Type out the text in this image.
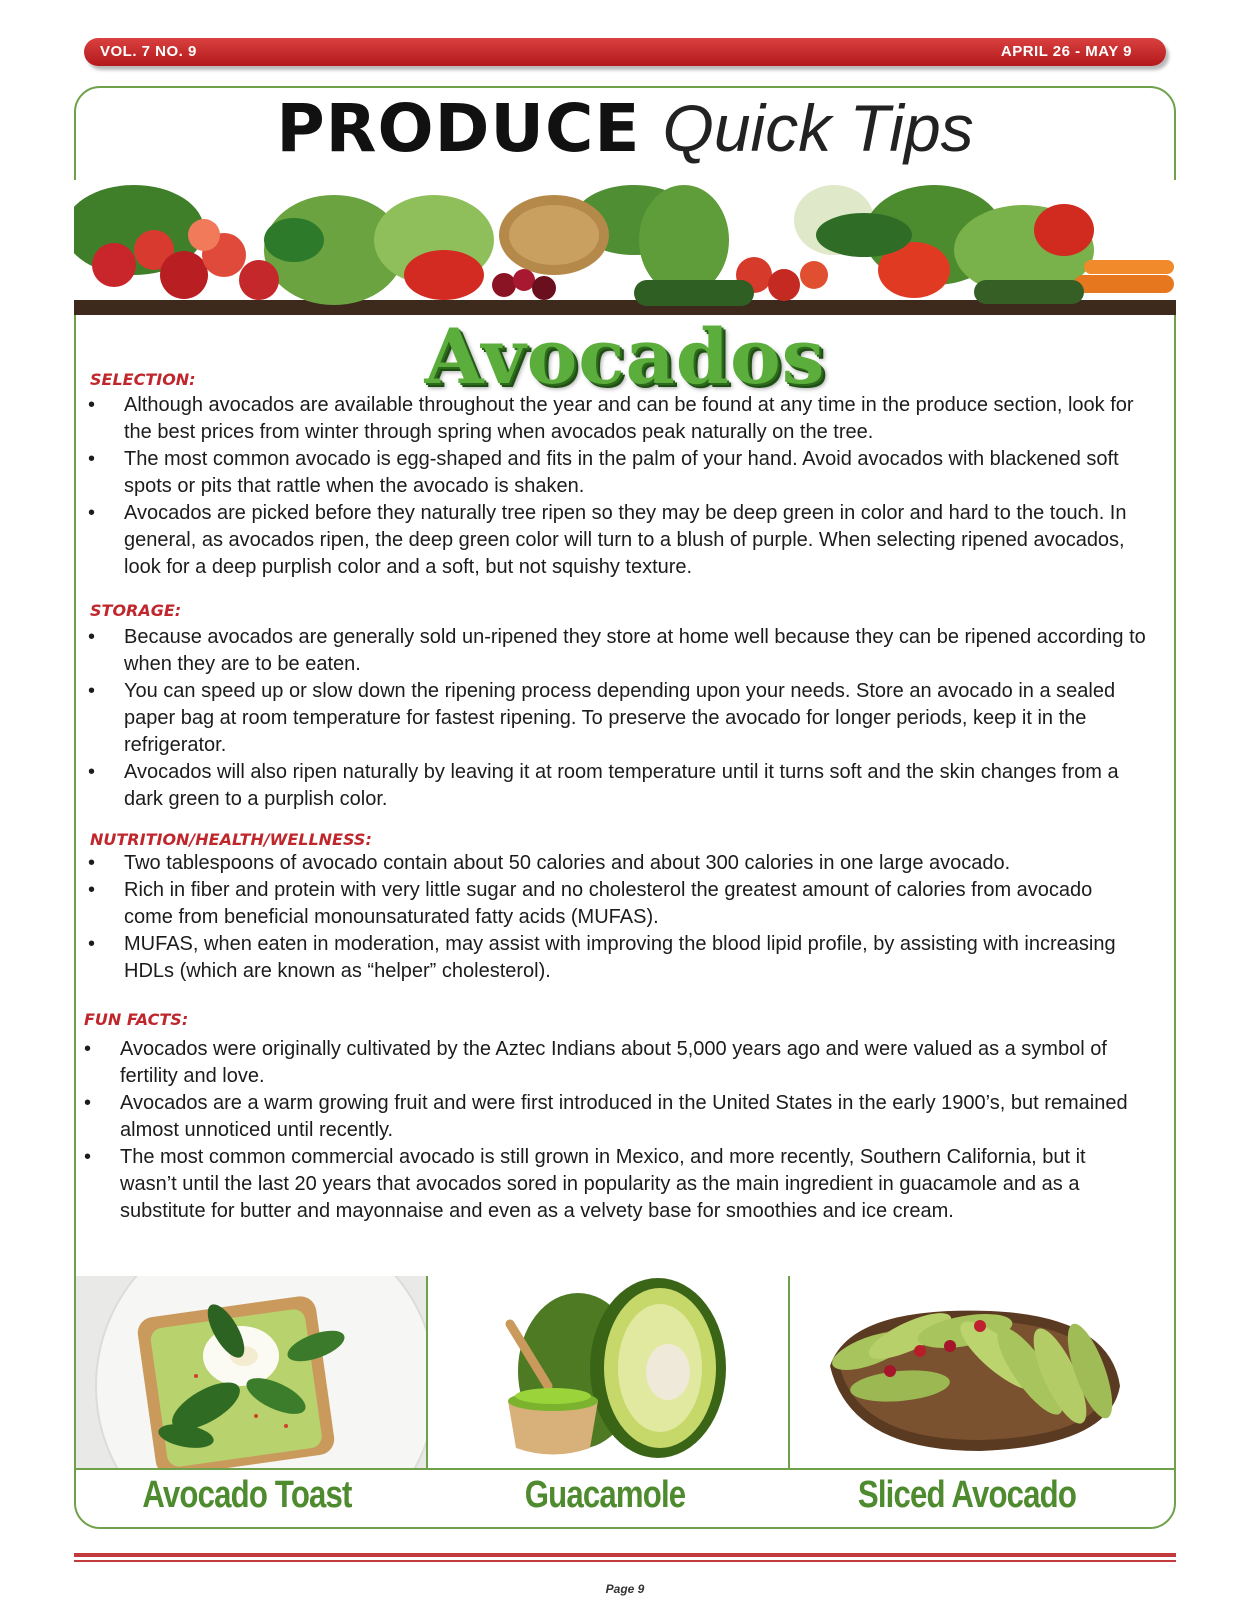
VOL. 7 NO. 9	APRIL 26 - MAY 9
PRODUCE Quick Tips
Avocados
SELECTION:
• Although avocados are available throughout the year and can be found at any time in the produce section, look for the best prices from winter through spring when avocados peak naturally on the tree.
• The most common avocado is egg-shaped and fits in the palm of your hand. Avoid avocados with blackened soft spots or pits that rattle when the avocado is shaken.
• Avocados are picked before they naturally tree ripen so they may be deep green in color and hard to the touch. In general, as avocados ripen, the deep green color will turn to a blush of purple. When selecting ripened avocados, look for a deep purplish color and a soft, but not squishy texture.
STORAGE:
• Because avocados are generally sold un-ripened they store at home well because they can be ripened according to when they are to be eaten.
• You can speed up or slow down the ripening process depending upon your needs. Store an avocado in a sealed paper bag at room temperature for fastest ripening. To preserve the avocado for longer periods, keep it in the refrigerator.
• Avocados will also ripen naturally by leaving it at room temperature until it turns soft and the skin changes from a dark green to a purplish color.
NUTRITION/HEALTH/WELLNESS:
• Two tablespoons of avocado contain about 50 calories and about 300 calories in one large avocado.
• Rich in fiber and protein with very little sugar and no cholesterol the greatest amount of calories from avocado come from beneficial monounsaturated fatty acids (MUFAS).
• MUFAS, when eaten in moderation, may assist with improving the blood lipid profile, by assisting with increasing HDLs (which are known as “helper” cholesterol).
FUN FACTS:
• Avocados were originally cultivated by the Aztec Indians about 5,000 years ago and were valued as a symbol of fertility and love.
• Avocados are a warm growing fruit and were first introduced in the United States in the early 1900’s, but remained almost unnoticed until recently.
• The most common commercial avocado is still grown in Mexico, and more recently, Southern California, but it wasn’t until the last 20 years that avocados sored in popularity as the main ingredient in guacamole and as a substitute for butter and mayonnaise and even as a velvety base for smoothies and ice cream.
Avocado Toast	Guacamole	Sliced Avocado
Page 9
